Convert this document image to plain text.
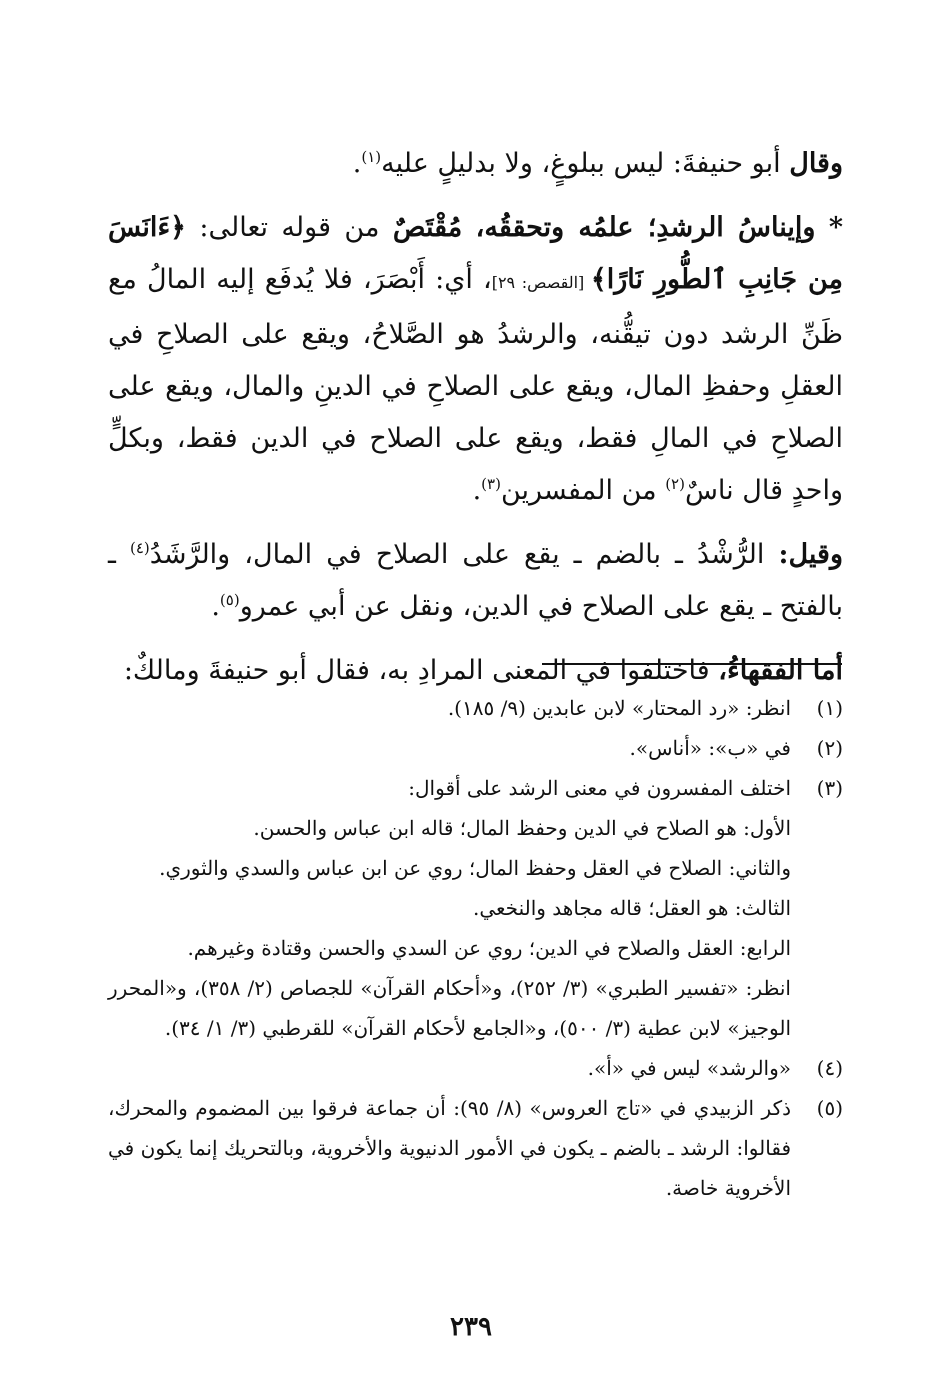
وقال أبو حنيفةَ: ليس ببلوغٍ، ولا بدليلٍ عليه$^{(١)}$.

* وإيناسُ الرشدِ؛ علمُه وتحققُه، مُقْتَصٌ من قوله تعالى: ﴿ءَانَسَ مِن جَانِبِ ٱلطُّورِ نَارًا﴾ [القصص: ٢٩]، أي: أَبْصَرَ، فلا يُدفَع إليه المالُ مع ظَنِّ الرشد دون تيقُّنه، والرشدُ هو الصَّلاحُ، ويقع على الصلاحِ في العقلِ وحفظِ المال، ويقع على الصلاحِ في الدينِ والمال، ويقع على الصلاحِ في المالِ فقط، ويقع على الصلاح في الدين فقط، وبكلٍّ واحدٍ قال ناسٌ$^{(٢)}$ من المفسرين$^{(٣)}$.

وقيل: الرُّشْدُ ـ بالضم ـ يقع على الصلاح في المال، والرَّشَدُ$^{(٤)}$ ـ بالفتح ـ يقع على الصلاح في الدين، ونقل عن أبي عمرو$^{(٥)}$.

أما الفقهاءُ، فاختلفوا في المعنى المرادِ به، فقال أبو حنيفةَ ومالكٌ:

(١)
انظر: «رد المحتار» لابن عابدين (٩/ ١٨٥).
(٢)
في «ب»: «أناس».
(٣)
اختلف المفسرون في معنى الرشد على أقوال:
الأول: هو الصلاح في الدين وحفظ المال؛ قاله ابن عباس والحسن.
والثاني: الصلاح في العقل وحفظ المال؛ روي عن ابن عباس والسدي والثوري.
الثالث: هو العقل؛ قاله مجاهد والنخعي.
الرابع: العقل والصلاح في الدين؛ روي عن السدي والحسن وقتادة وغيرهم.
انظر: «تفسير الطبري» (٣/ ٢٥٢)، و«أحكام القرآن» للجصاص (٢/ ٣٥٨)، و«المحرر الوجيز» لابن عطية (٣/ ٥٠٠)، و«الجامع لأحكام القرآن» للقرطبي (٣/ ١/ ٣٤).
(٤)
«والرشد» ليس في «أ».
(٥)
ذكر الزبيدي في «تاج العروس» (٨/ ٩٥): أن جماعة فرقوا بين المضموم والمحرك، فقالوا: الرشد ـ بالضم ـ يكون في الأمور الدنيوية والأخروية، وبالتحريك إنما يكون في الأخروية خاصة.
٢٣٩
